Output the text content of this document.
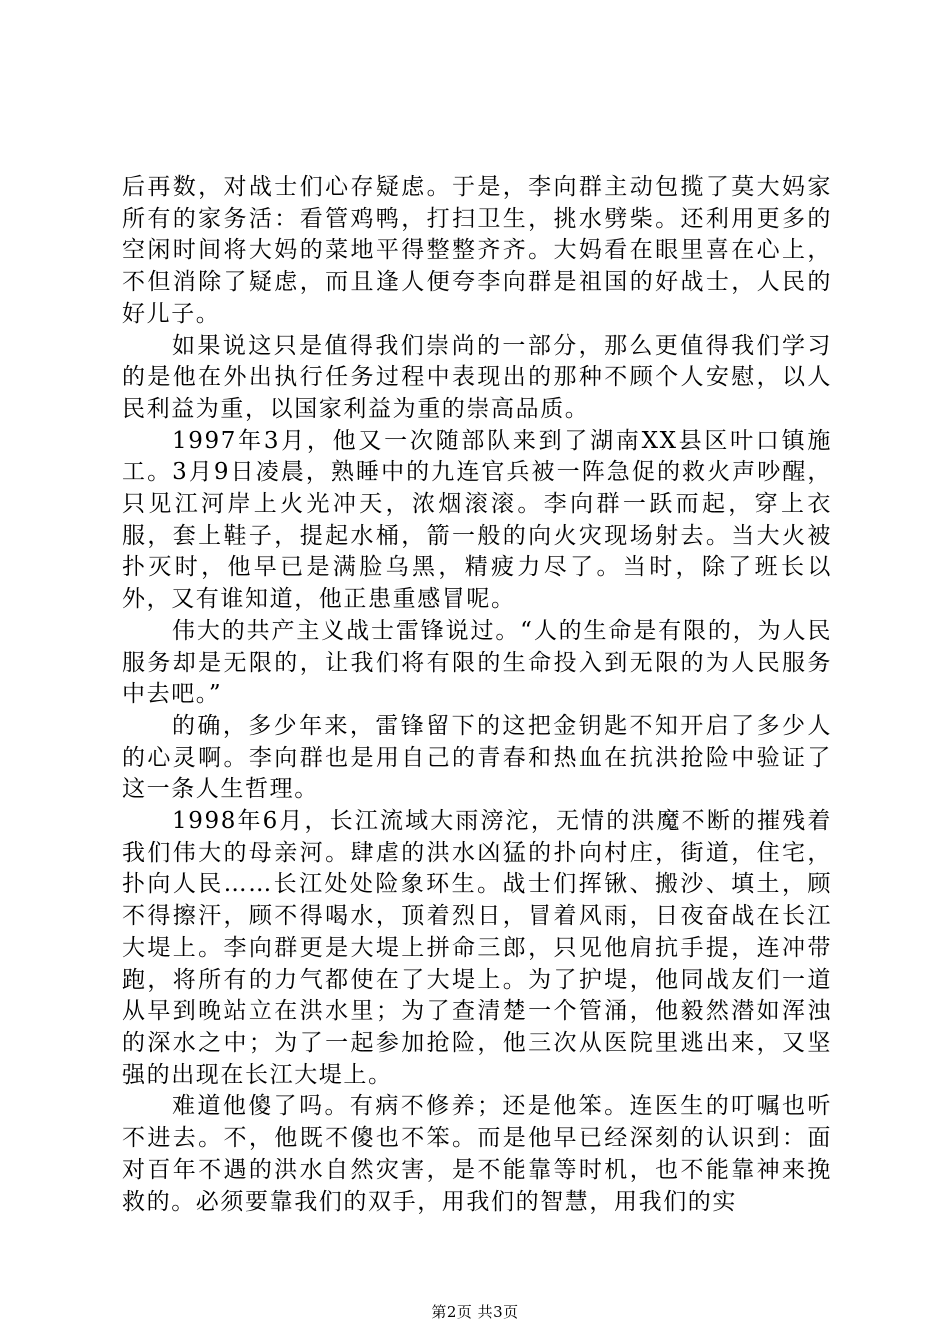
后再数，对战士们心存疑虑。于是，李向群主动包揽了莫大妈家所有的家务活：看管鸡鸭，打扫卫生，挑水劈柴。还利用更多的空闲时间将大妈的菜地平得整整齐齐。大妈看在眼里喜在心上，不但消除了疑虑，而且逢人便夸李向群是祖国的好战士，人民的好儿子。

如果说这只是值得我们崇尚的一部分，那么更值得我们学习的是他在外出执行任务过程中表现出的那种不顾个人安慰，以人民利益为重，以国家利益为重的崇高品质。

1997年3月，他又一次随部队来到了湖南XX县区叶口镇施工。3月9日凌晨，熟睡中的九连官兵被一阵急促的救火声吵醒，只见江河岸上火光冲天，浓烟滚滚。李向群一跃而起，穿上衣服，套上鞋子，提起水桶，箭一般的向火灾现场射去。当大火被扑灭时，他早已是满脸乌黑，精疲力尽了。当时，除了班长以外，又有谁知道，他正患重感冒呢。

伟大的共产主义战士雷锋说过。“人的生命是有限的，为人民服务却是无限的，让我们将有限的生命投入到无限的为人民服务中去吧。”

的确，多少年来，雷锋留下的这把金钥匙不知开启了多少人的心灵啊。李向群也是用自己的青春和热血在抗洪抢险中验证了这一条人生哲理。

1998年6月，长江流域大雨滂沱，无情的洪魔不断的摧残着我们伟大的母亲河。肆虐的洪水凶猛的扑向村庄，街道，住宅，扑向人民……长江处处险象环生。战士们挥锹、搬沙、填土，顾不得擦汗，顾不得喝水，顶着烈日，冒着风雨，日夜奋战在长江大堤上。李向群更是大堤上拼命三郎，只见他肩抗手提，连冲带跑，将所有的力气都使在了大堤上。为了护堤，他同战友们一道从早到晚站立在洪水里；为了查清楚一个管涌，他毅然潜如浑浊的深水之中；为了一起参加抢险，他三次从医院里逃出来，又坚强的出现在长江大堤上。

难道他傻了吗。有病不修养；还是他笨。连医生的叮嘱也听不进去。不，他既不傻也不笨。而是他早已经深刻的认识到：面对百年不遇的洪水自然灾害，是不能靠等时机，也不能靠神来挽救的。必须要靠我们的双手，用我们的智慧，用我们的实

第2页 共3页
